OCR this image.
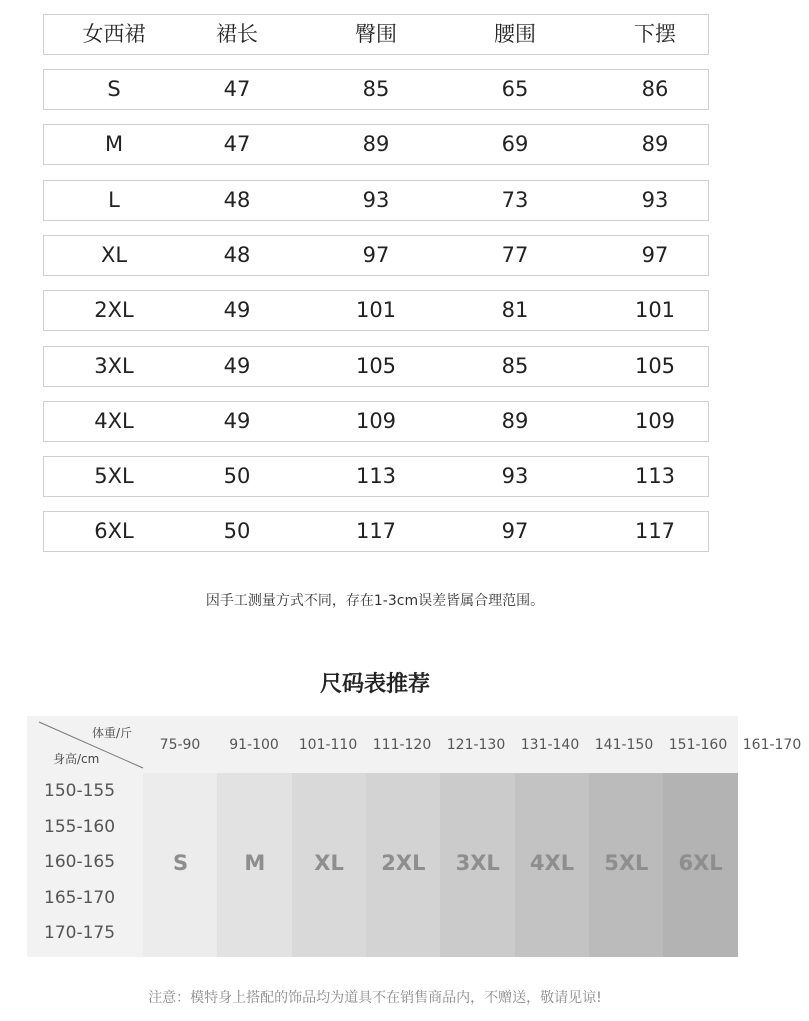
女西裙	裙长	臀围	腰围	下摆
S	47	85	65	86
M	47	89	69	89
L	48	93	73	93
XL	48	97	77	97
2XL	49	101	81	101
3XL	49	105	85	105
4XL	49	109	89	109
5XL	50	113	93	113
6XL	50	117	97	117
因手工测量方式不同，存在1-3cm误差皆属合理范围。
尺码表推荐
体重/斤
身高/cm
75-90	91-100	101-110	111-120	121-130	131-140	141-150	151-160	161-170
150-155
155-160
160-165
165-170
170-175
S	M	XL	2XL	3XL	4XL	5XL	6XL
注意：模特身上搭配的饰品均为道具不在销售商品内，不赠送，敬请见谅!
